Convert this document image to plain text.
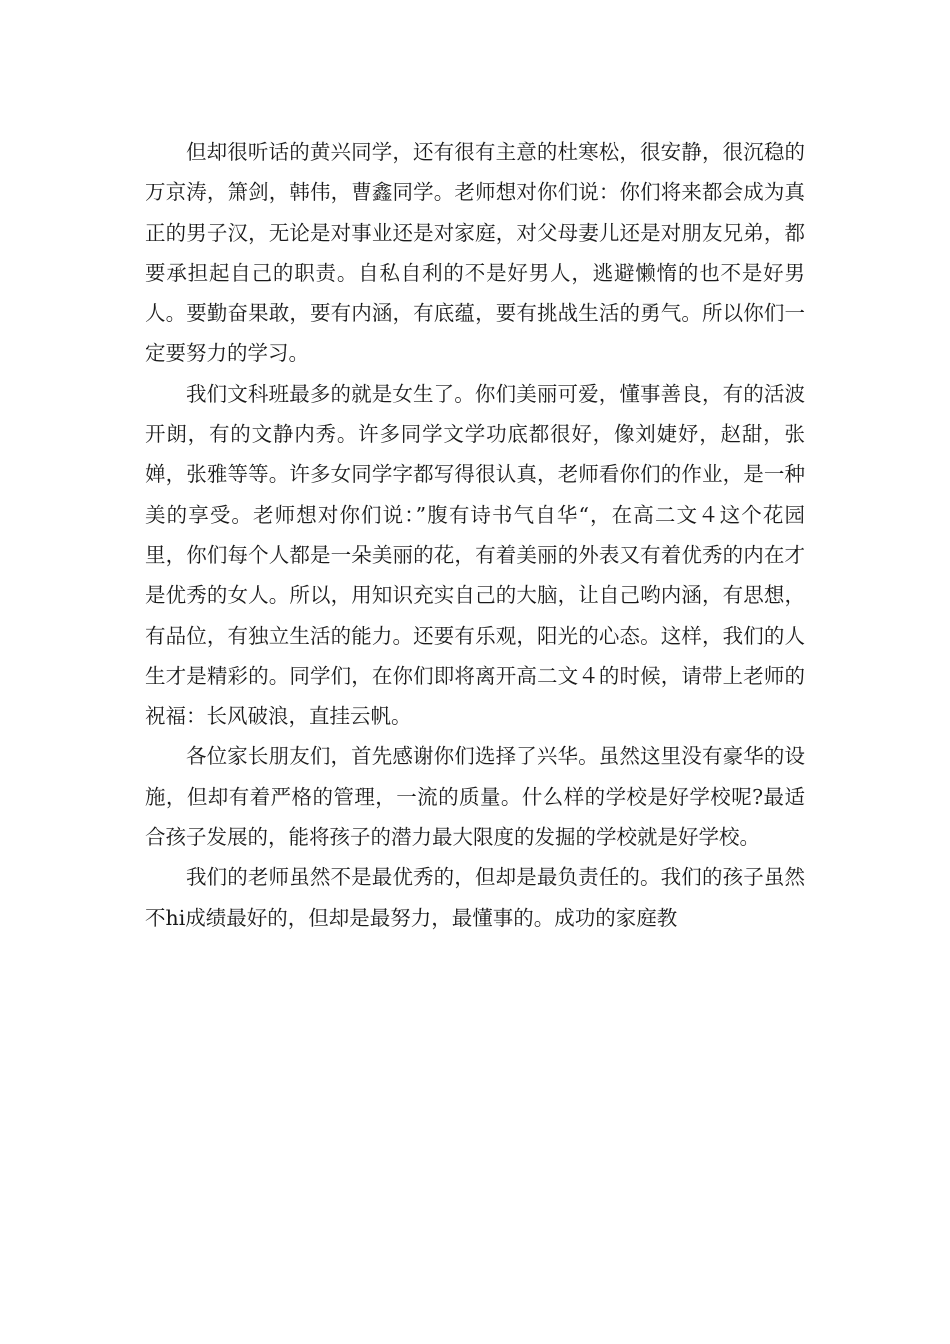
但却很听话的黄兴同学，还有很有主意的杜寒松，很安静，很沉稳的万京涛，箫剑，韩伟，曹鑫同学。老师想对你们说：你们将来都会成为真正的男子汉，无论是对事业还是对家庭，对父母妻儿还是对朋友兄弟，都要承担起自己的职责。自私自利的不是好男人，逃避懒惰的也不是好男人。要勤奋果敢，要有内涵，有底蕴，要有挑战生活的勇气。所以你们一定要努力的学习。

我们文科班最多的就是女生了。你们美丽可爱，懂事善良，有的活波开朗，有的文静内秀。许多同学文学功底都很好，像刘婕妤，赵甜，张婵，张雅等等。许多女同学字都写得很认真，老师看你们的作业，是一种美的享受。老师想对你们说：”腹有诗书气自华“，在高二文４这个花园里，你们每个人都是一朵美丽的花，有着美丽的外表又有着优秀的内在才是优秀的女人。所以，用知识充实自己的大脑，让自己哟内涵，有思想，有品位，有独立生活的能力。还要有乐观，阳光的心态。这样，我们的人生才是精彩的。同学们，在你们即将离开高二文４的时候，请带上老师的祝福：长风破浪，直挂云帆。

各位家长朋友们，首先感谢你们选择了兴华。虽然这里没有豪华的设施，但却有着严格的管理，一流的质量。什么样的学校是好学校呢?最适合孩子发展的，能将孩子的潜力最大限度的发掘的学校就是好学校。

我们的老师虽然不是最优秀的，但却是最负责任的。我们的孩子虽然不hi成绩最好的，但却是最努力，最懂事的。成功的家庭教
